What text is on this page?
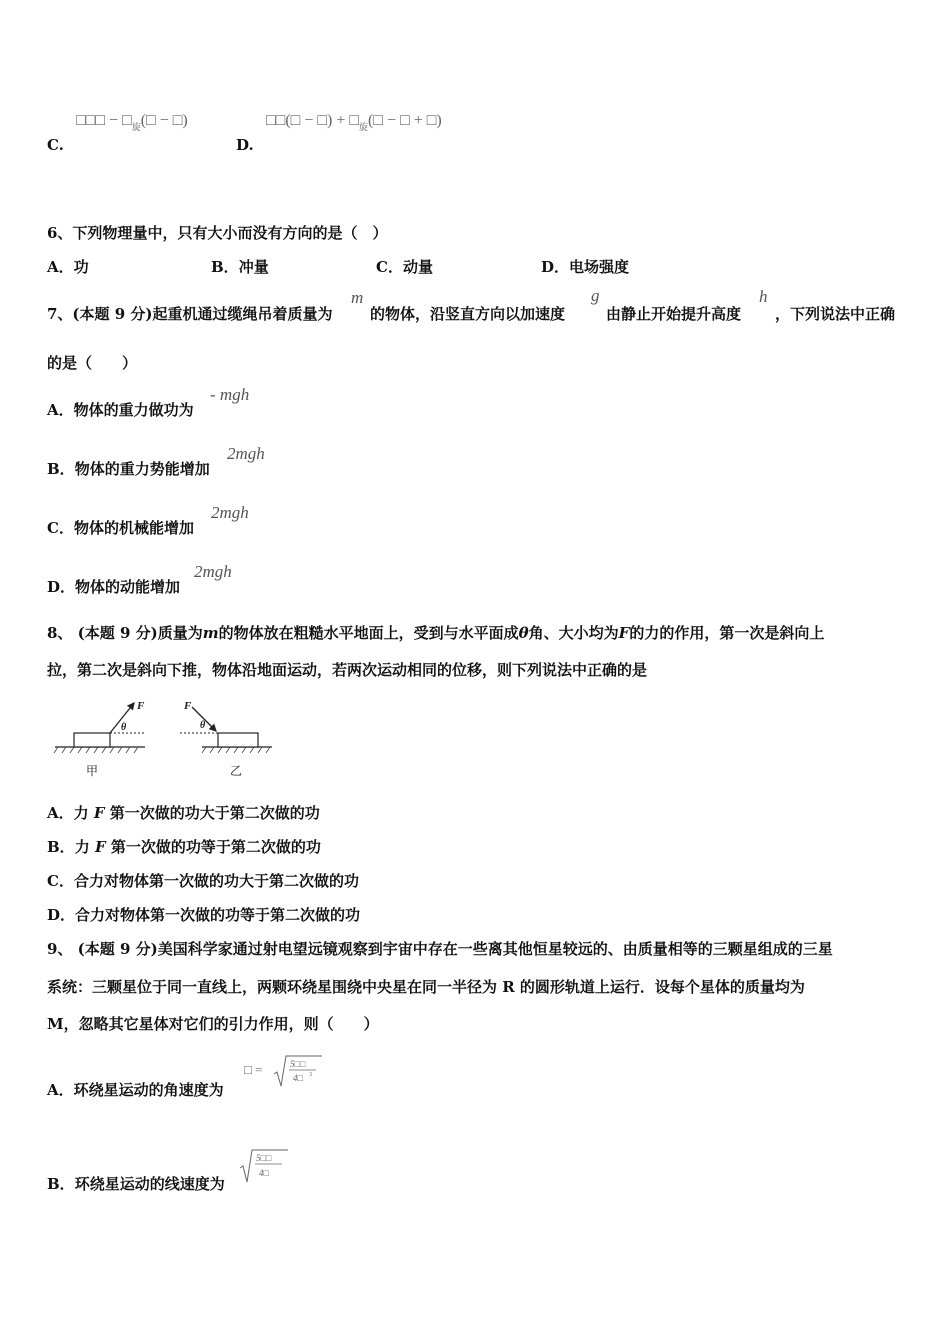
□□□ − $□_旋(□$ − □)
C.
□□(□ − □) + $□_旋(□$ − □ + □)
D.
6、下列物理量中，只有大小而没有方向的是（　）
A．功	B．冲量	C．动量	D．电场强度
7、(本题 9 分)起重机通过缆绳吊着质量为
m
的物体，沿竖直方向以加速度
g
由静止开始提升高度
h
，下列说法中正确
的是（　　）
A．物体的重力做功为
- mgh
B．物体的重力势能增加
2mgh
C．物体的机械能增加
2mgh
D．物体的动能增加
2mgh
8、 (本题 9 分)质量为m的物体放在粗糙水平地面上，受到与水平面成θ角、大小均为F的力的作用，第一次是斜向上
拉，第二次是斜向下推，物体沿地面运动，若两次运动相同的位移，则下列说法中正确的是
F
θ
甲
F
θ
乙
A．力 F 第一次做的功大于第二次做的功
B．力 F 第一次做的功等于第二次做的功
C．合力对物体第一次做的功大于第二次做的功
D．合力对物体第一次做的功等于第二次做的功
9、 (本题 9 分)美国科学家通过射电望远镜观察到宇宙中存在一些离其他恒星较远的、由质量相等的三颗星组成的三星
系统：三颗星位于同一直线上，两颗环绕星围绕中央星在同一半径为 R 的圆形轨道上运行．设每个星体的质量均为
M，忽略其它星体对它们的引力作用，则（　　）
A．环绕星运动的角速度为
□ =	5□□
4□ 3
B．环绕星运动的线速度为
5□□
4□
